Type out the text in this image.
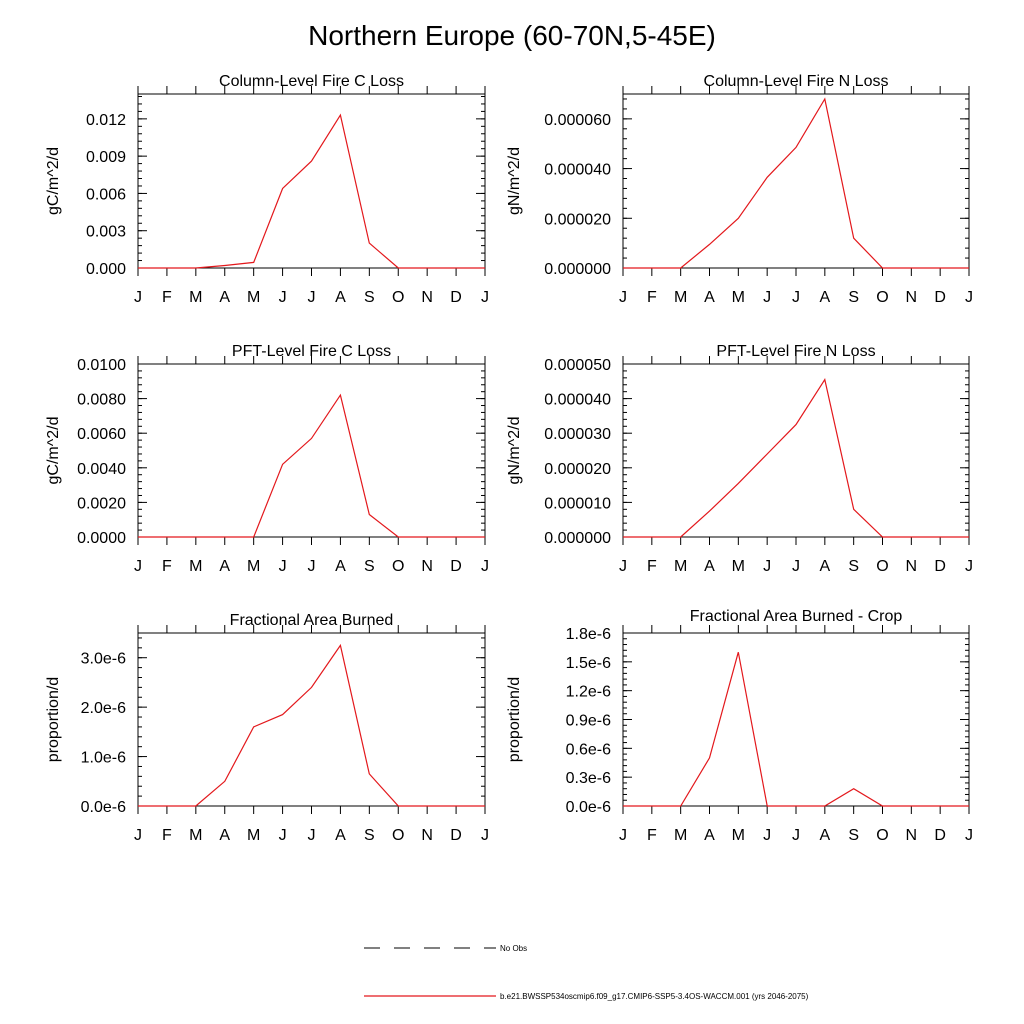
Northern Europe (60-70N,5-45E)
Column-Level Fire C Loss
J F M A M J J A S O N D J
0.000
0.003
0.006
0.009
0.012
gC/m^2/d
Column-Level Fire N Loss
J F M A M J J A S O N D J
0.000000
0.000020
0.000040
0.000060
gN/m^2/d
PFT-Level Fire C Loss
J F M A M J J A S O N D J
0.0000
0.0020
0.0040
0.0060
0.0080
0.0100
gC/m^2/d
PFT-Level Fire N Loss
J F M A M J J A S O N D J
0.000000
0.000010
0.000020
0.000030
0.000040
0.000050
gN/m^2/d
Fractional Area Burned
J F M A M J J A S O N D J
0.0e-6
1.0e-6
2.0e-6
3.0e-6
proportion/d
Fractional Area Burned - Crop
J F M A M J J A S O N D J
0.0e-6
0.3e-6
0.6e-6
0.9e-6
1.2e-6
1.5e-6
1.8e-6
proportion/d
No Obs
b.e21.BWSSP534oscmip6.f09_g17.CMIP6-SSP5-3.4OS-WACCM.001 (yrs 2046-2075)
